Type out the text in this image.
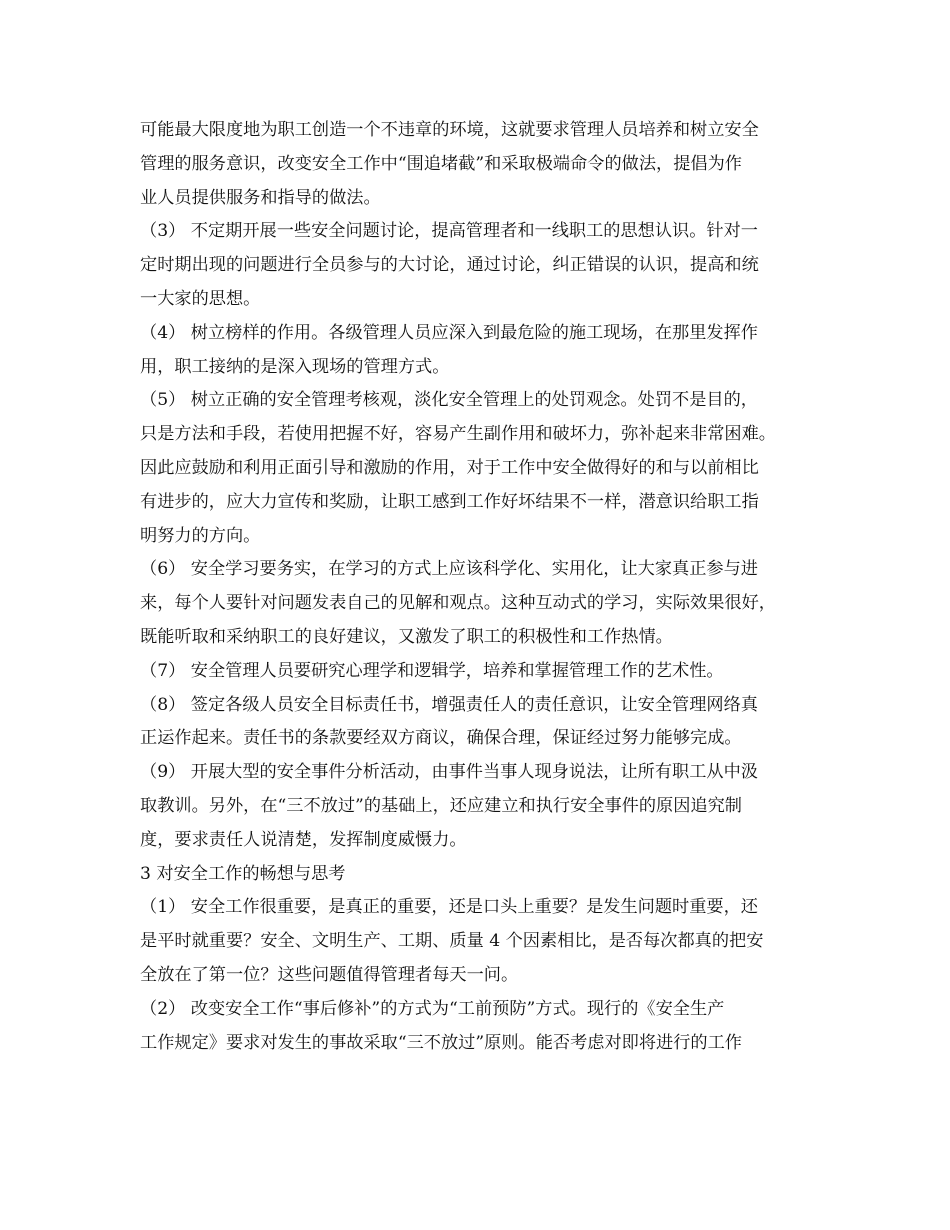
可能最大限度地为职工创造一个不违章的环境，这就要求管理人员培养和树立安全
管理的服务意识，改变安全工作中“围追堵截”和采取极端命令的做法，提倡为作
业人员提供服务和指导的做法。
（3） 不定期开展一些安全问题讨论，提高管理者和一线职工的思想认识。针对一
定时期出现的问题进行全员参与的大讨论，通过讨论，纠正错误的认识，提高和统
一大家的思想。
（4） 树立榜样的作用。各级管理人员应深入到最危险的施工现场，在那里发挥作
用，职工接纳的是深入现场的管理方式。
（5） 树立正确的安全管理考核观，淡化安全管理上的处罚观念。处罚不是目的，
只是方法和手段，若使用把握不好，容易产生副作用和破坏力，弥补起来非常困难。
因此应鼓励和利用正面引导和激励的作用，对于工作中安全做得好的和与以前相比
有进步的，应大力宣传和奖励，让职工感到工作好坏结果不一样，潜意识给职工指
明努力的方向。
（6） 安全学习要务实，在学习的方式上应该科学化、实用化，让大家真正参与进
来，每个人要针对问题发表自己的见解和观点。这种互动式的学习，实际效果很好，
既能听取和采纳职工的良好建议，又激发了职工的积极性和工作热情。
（7） 安全管理人员要研究心理学和逻辑学，培养和掌握管理工作的艺术性。
（8） 签定各级人员安全目标责任书，增强责任人的责任意识，让安全管理网络真
正运作起来。责任书的条款要经双方商议，确保合理，保证经过努力能够完成。
（9） 开展大型的安全事件分析活动，由事件当事人现身说法，让所有职工从中汲
取教训。另外，在“三不放过”的基础上，还应建立和执行安全事件的原因追究制
度，要求责任人说清楚，发挥制度威慑力。
3 对安全工作的畅想与思考
（1） 安全工作很重要，是真正的重要，还是口头上重要？是发生问题时重要，还
是平时就重要？安全、文明生产、工期、质量 4 个因素相比，是否每次都真的把安
全放在了第一位？这些问题值得管理者每天一问。
（2） 改变安全工作“事后修补”的方式为“工前预防”方式。现行的《安全生产
工作规定》要求对发生的事故采取“三不放过”原则。能否考虑对即将进行的工作
